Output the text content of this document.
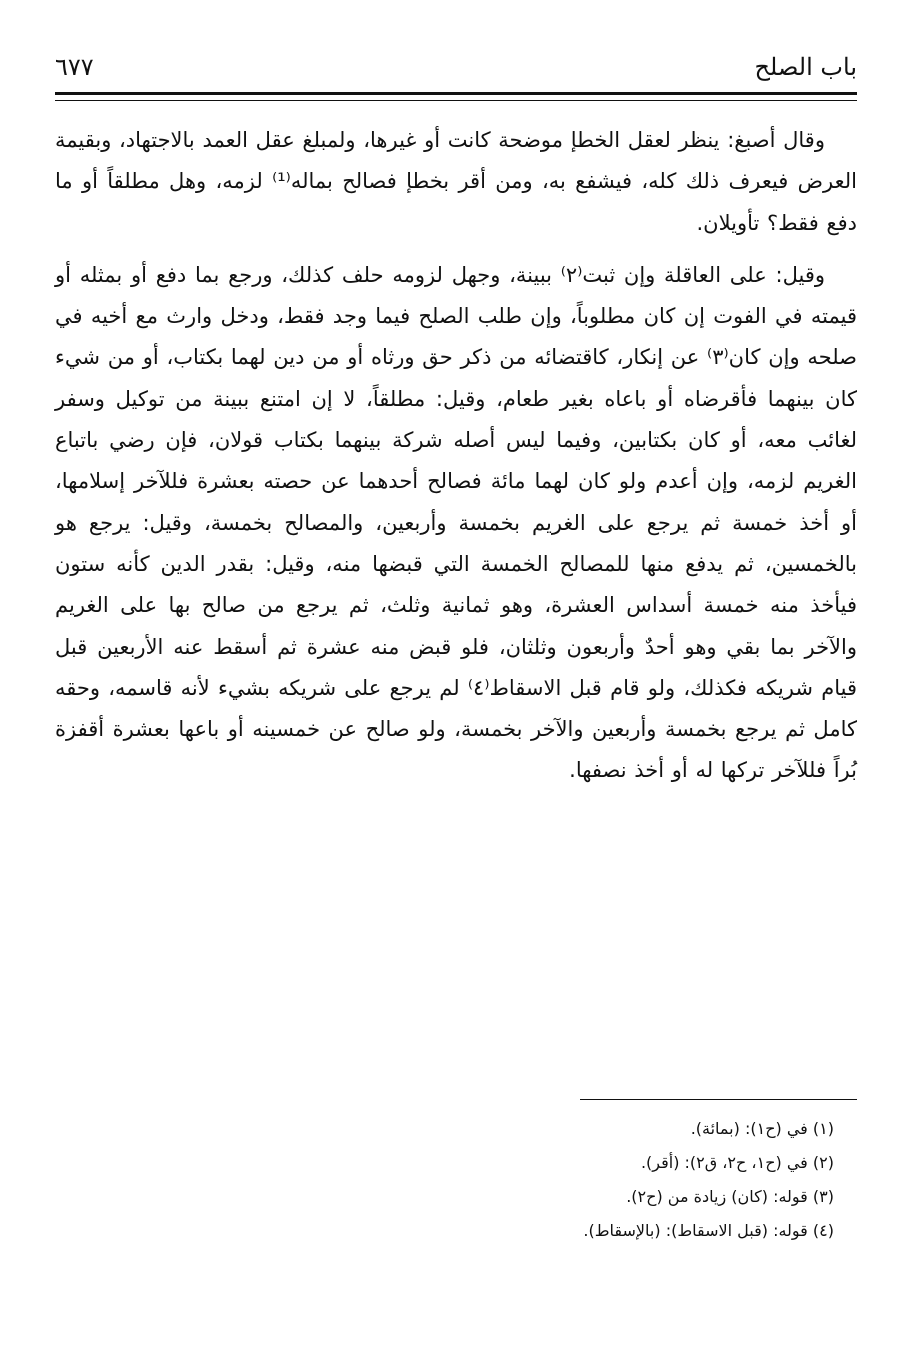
باب الصلح
٦٧٧

وقال أصبغ: ينظر لعقل الخطإ موضحة كانت أو غيرها، ولمبلغ عقل العمد بالاجتهاد، وبقيمة العرض فيعرف ذلك كله، فيشفع به، ومن أقر بخطإ فصالح بماله⁽¹⁾ لزمه، وهل مطلقاً أو ما دفع فقط؟ تأويلان.

وقيل: على العاقلة وإن ثبت⁽٢⁾ ببينة، وجهل لزومه حلف كذلك، ورجع بما دفع أو بمثله أو قيمته في الفوت إن كان مطلوباً، وإن طلب الصلح فيما وجد فقط، ودخل وارث مع أخيه في صلحه وإن كان⁽٣⁾ عن إنكار، كاقتضائه من ذكر حق ورثاه أو من دين لهما بكتاب، أو من شيء كان بينهما فأقرضاه أو باعاه بغير طعام، وقيل: مطلقاً، لا إن امتنع ببينة من توكيل وسفر لغائب معه، أو كان بكتابين، وفيما ليس أصله شركة بينهما بكتاب قولان، فإن رضي باتباع الغريم لزمه، وإن أعدم ولو كان لهما مائة فصالح أحدهما عن حصته بعشرة فللآخر إسلامها، أو أخذ خمسة ثم يرجع على الغريم بخمسة وأربعين، والمصالح بخمسة، وقيل: يرجع هو بالخمسين، ثم يدفع منها للمصالح الخمسة التي قبضها منه، وقيل: بقدر الدين كأنه ستون فيأخذ منه خمسة أسداس العشرة، وهو ثمانية وثلث، ثم يرجع من صالح بها على الغريم والآخر بما بقي وهو أحدٌ وأربعون وثلثان، فلو قبض منه عشرة ثم أسقط عنه الأربعين قبل قيام شريكه فكذلك، ولو قام قبل الاسقاط⁽٤⁾ لم يرجع على شريكه بشيء لأنه قاسمه، وحقه كامل ثم يرجع بخمسة وأربعين والآخر بخمسة، ولو صالح عن خمسينه أو باعها بعشرة أقفزة بُراً فللآخر تركها له أو أخذ نصفها.

(١) في (ح١): (بمائة).
(٢) في (ح١، ح٢، ق٢): (أقر).
(٣) قوله: (كان) زيادة من (ح٢).
(٤) قوله: (قبل الاسقاط): (بالإسقاط).
